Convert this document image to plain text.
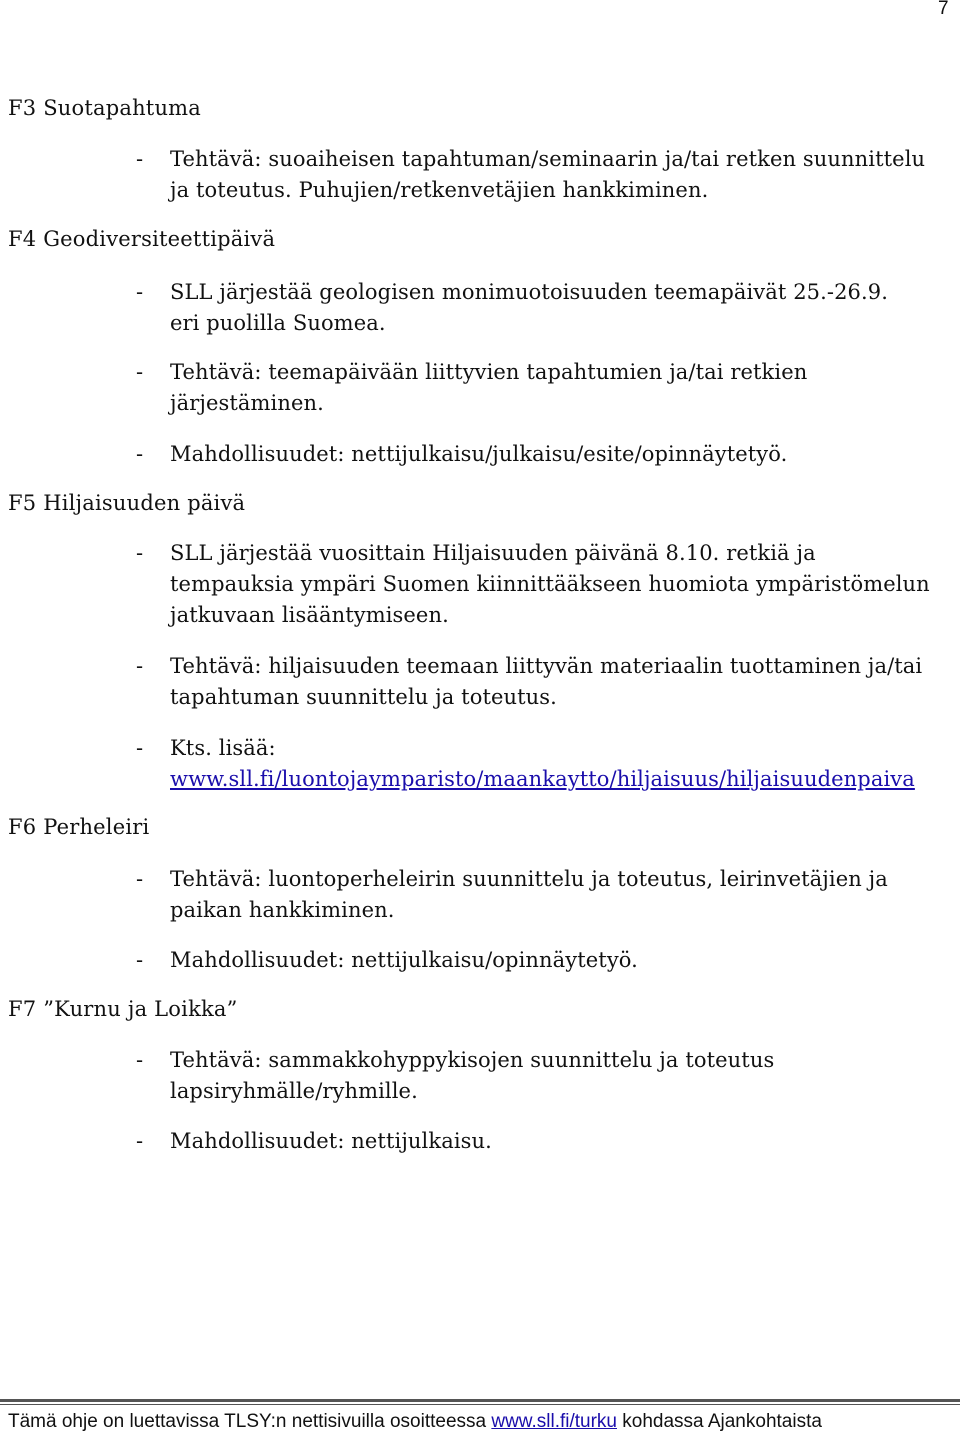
7
F3 Suotapahtuma
- Tehtävä: suoaiheisen tapahtuman/seminaarin ja/tai retken suunnittelu
ja toteutus. Puhujien/retkenvetäjien hankkiminen.
F4 Geodiversiteettipäivä
- SLL järjestää geologisen monimuotoisuuden teemapäivät 25.-26.9.
eri puolilla Suomea.
- Tehtävä: teemapäivään liittyvien tapahtumien ja/tai retkien
järjestäminen.
- Mahdollisuudet: nettijulkaisu/julkaisu/esite/opinnäytetyö.
F5 Hiljaisuuden päivä
- SLL järjestää vuosittain Hiljaisuuden päivänä 8.10. retkiä ja
tempauksia ympäri Suomen kiinnittääkseen huomiota ympäristömelun
jatkuvaan lisääntymiseen.
- Tehtävä: hiljaisuuden teemaan liittyvän materiaalin tuottaminen ja/tai
tapahtuman suunnittelu ja toteutus.
- Kts. lisää:
www.sll.fi/luontojaymparisto/maankaytto/hiljaisuus/hiljaisuudenpaiva
F6 Perheleiri
- Tehtävä: luontoperheleirin suunnittelu ja toteutus, leirinvetäjien ja
paikan hankkiminen.
- Mahdollisuudet: nettijulkaisu/opinnäytetyö.
F7 ”Kurnu ja Loikka”
- Tehtävä: sammakkohyppykisojen suunnittelu ja toteutus
lapsiryhmälle/ryhmille.
- Mahdollisuudet: nettijulkaisu.
Tämä ohje on luettavissa TLSY:n nettisivuilla osoitteessa www.sll.fi/turku kohdassa Ajankohtaista
